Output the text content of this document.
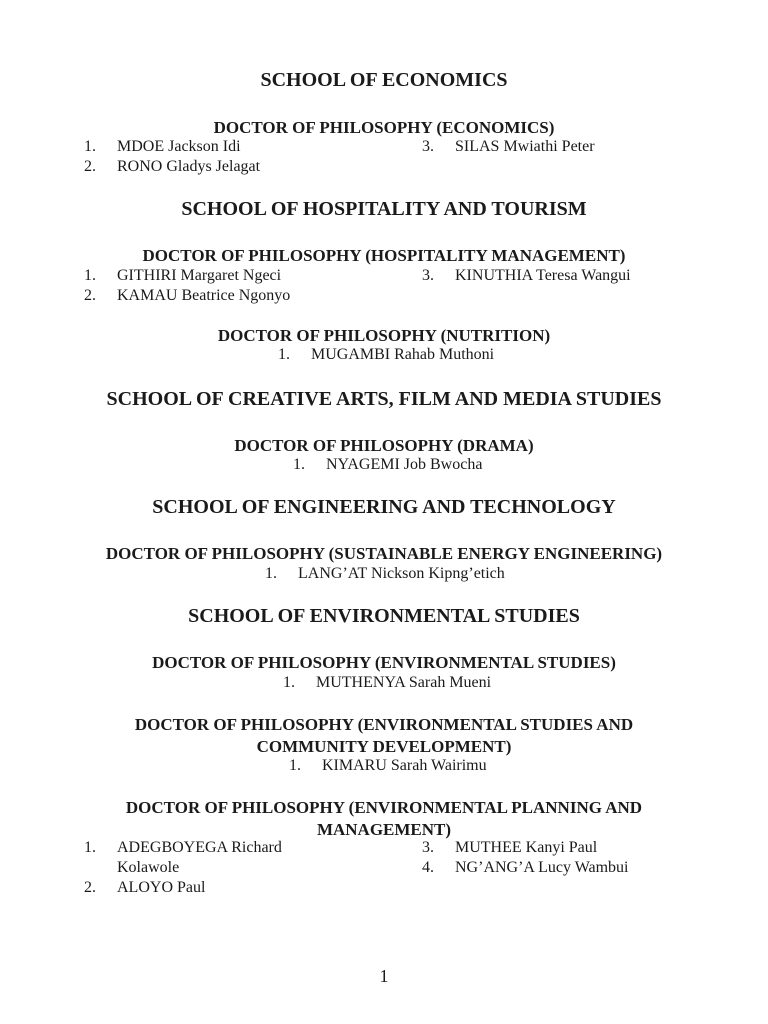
SCHOOL OF ECONOMICS
DOCTOR OF PHILOSOPHY (ECONOMICS)
1. MDOE Jackson Idi
2. RONO Gladys Jelagat
3. SILAS Mwiathi Peter
SCHOOL OF HOSPITALITY AND TOURISM
DOCTOR OF PHILOSOPHY (HOSPITALITY MANAGEMENT)
1. GITHIRI Margaret Ngeci
2. KAMAU Beatrice Ngonyo
3. KINUTHIA Teresa Wangui
DOCTOR OF PHILOSOPHY (NUTRITION)
1. MUGAMBI Rahab Muthoni
SCHOOL OF CREATIVE ARTS, FILM AND MEDIA STUDIES
DOCTOR OF PHILOSOPHY (DRAMA)
1. NYAGEMI Job Bwocha
SCHOOL OF ENGINEERING AND TECHNOLOGY
DOCTOR OF PHILOSOPHY (SUSTAINABLE ENERGY ENGINEERING)
1. LANG’AT Nickson Kipng’etich
SCHOOL OF ENVIRONMENTAL STUDIES
DOCTOR OF PHILOSOPHY (ENVIRONMENTAL STUDIES)
1. MUTHENYA Sarah Mueni
DOCTOR OF PHILOSOPHY (ENVIRONMENTAL STUDIES AND
COMMUNITY DEVELOPMENT)
1. KIMARU Sarah Wairimu
DOCTOR OF PHILOSOPHY (ENVIRONMENTAL PLANNING AND
MANAGEMENT)
1. ADEGBOYEGA Richard
Kolawole
2. ALOYO Paul
3. MUTHEE Kanyi Paul
4. NG’ANG’A Lucy Wambui
1
